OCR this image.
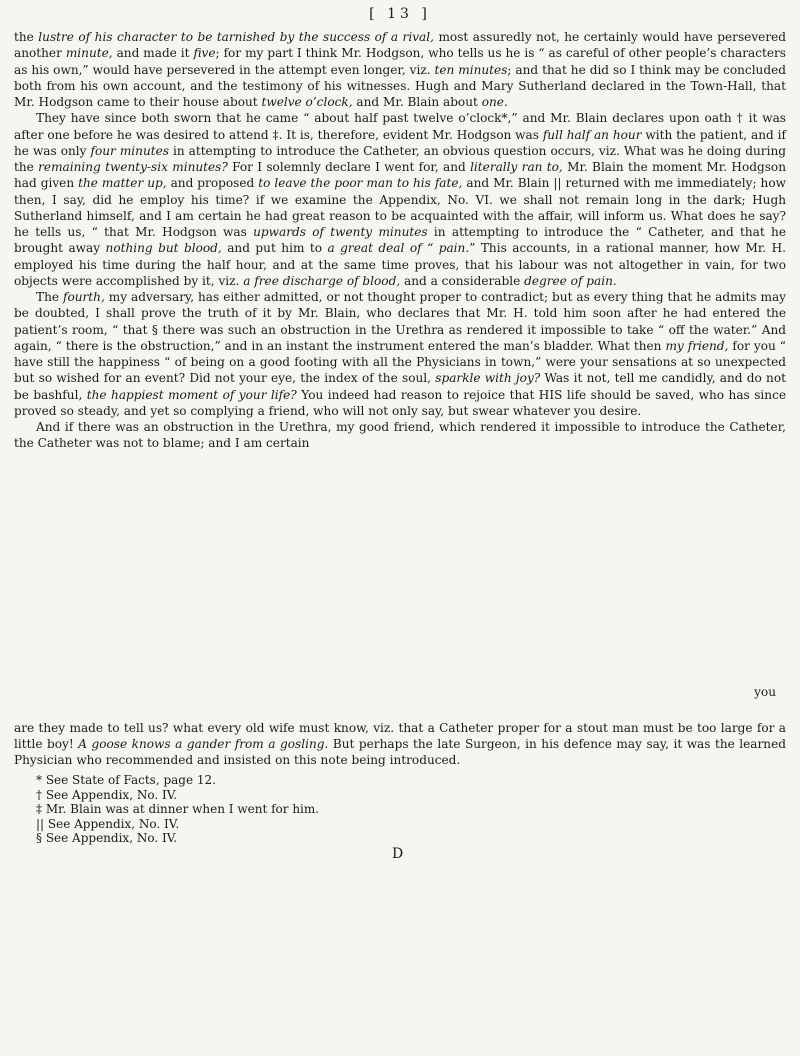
[ 13 ]

the lustre of his character to be tarnished by the success of a rival, most assuredly not, he certainly would have persevered another minute, and made it five; for my part I think Mr. Hodgson, who tells us he is “ as careful of other people’s characters as his own,” would have persevered in the attempt even longer, viz. ten minutes; and that he did so I think may be concluded both from his own account, and the testimony of his witnesses. Hugh and Mary Sutherland declared in the Town-Hall, that Mr. Hodgson came to their house about twelve o’clock, and Mr. Blain about one.

They have since both sworn that he came “ about half past twelve o’clock*,” and Mr. Blain declares upon oath † it was after one before he was desired to attend ‡. It is, therefore, evident Mr. Hodgson was full half an hour with the patient, and if he was only four minutes in attempting to introduce the Catheter, an obvious question occurs, viz. What was he doing during the remaining twenty-six minutes? For I solemnly declare I went for, and literally ran to, Mr. Blain the moment Mr. Hodgson had given the matter up, and proposed to leave the poor man to his fate, and Mr. Blain || returned with me immediately; how then, I say, did he employ his time? if we examine the Appendix, No. VI. we shall not remain long in the dark; Hugh Sutherland himself, and I am certain he had great reason to be acquainted with the affair, will inform us. What does he say? he tells us, “ that Mr. Hodgson was upwards of twenty minutes in attempting to introduce the “ Catheter, and that he brought away nothing but blood, and put him to a great deal of “ pain.” This accounts, in a rational manner, how Mr. H. employed his time during the half hour, and at the same time proves, that his labour was not altogether in vain, for two objects were accomplished by it, viz. a free discharge of blood, and a considerable degree of pain.

The fourth, my adversary, has either admitted, or not thought proper to contradict; but as every thing that he admits may be doubted, I shall prove the truth of it by Mr. Blain, who declares that Mr. H. told him soon after he had entered the patient’s room, “ that § there was such an obstruction in the Urethra as rendered it impossible to take “ off the water.” And again, “ there is the obstruction,” and in an instant the instrument entered the man’s bladder. What then my friend, for you “ have still the happiness “ of being on a good footing with all the Physicians in town,” were your sensations at so unexpected but so wished for an event? Did not your eye, the index of the soul, sparkle with joy? Was it not, tell me candidly, and do not be bashful, the happiest moment of your life? You indeed had reason to rejoice that HIS life should be saved, who has since proved so steady, and yet so complying a friend, who will not only say, but swear whatever you desire.

And if there was an obstruction in the Urethra, my good friend, which rendered it impossible to introduce the Catheter, the Catheter was not to blame; and I am certain

you

are they made to tell us? what every old wife must know, viz. that a Catheter proper for a stout man must be too large for a little boy! A goose knows a gander from a gosling. But perhaps the late Surgeon, in his defence may say, it was the learned Physician who recommended and insisted on this note being introduced.

* See State of Facts, page 12.
† See Appendix, No. IV.
‡ Mr. Blain was at dinner when I went for him.
|| See Appendix, No. IV.
§ See Appendix, No. IV.
D
